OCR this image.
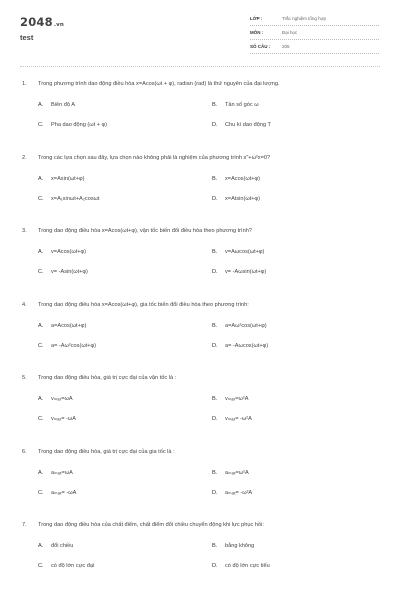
2048.vn
test
LỚP :	Trắc nghiệm tổng hợp
MÔN :	Đại học
SỐ CÂU :	205
1. Trong phương trình dao động điều hòa x=Acos(ωt + φ), radian (rad) là thứ nguyên của đại lượng.
A. Biên độ A	B. Tần số góc ω
C. Pha dao động (ωt + φ)	D. Chu kì dao động T
2. Trong các lựa chọn sau đây, lựa chọn nào không phải là nghiệm của phương trình x"+ω²x=0?
A. x=Asin(ωt+φ)	B. x=Acos(ωt+φ)
C. x=A₁sinωt+A₂cosωt	D. x=Atsin(ωt+φ)
3. Trong dao động điều hòa x=Acos(ωt+φ), vận tốc biến đổi điều hòa theo phương trình?
A. v=Acos(ωt+φ)	B. v=Aωcos(ωt+φ)
C. v= -Asin(ωt+φ)	D. v= -Aωsin(ωt+φ)
4. Trong dao động điều hòa x=Acos(ωt+φ), gia tốc biến đổi điều hòa theo phương trình:
A. a=Acos(ωt+φ)	B. a=Aω²cos(ωt+φ)
C. a= -Aω²cos(ωt+φ)	D. a= -Aωcos(ωt+φ)
5. Trong dao động điều hòa, giá trị cực đại của vận tốc là :
A. vₘₐₓ=ωA	B. vₘₐₓ=ω²A
C. vₘₐₓ= -ωA	D. vₘₐₓ= -ω²A
6. Trong dao động điều hòa, giá trị cực đại của gia tốc là :
A. aₘₐₓ=ωA	B. aₘₐₓ=ω²A
C. aₘₐₓ= -ωA	D. aₘₐₓ= -ω²A
7. Trong dao động điều hòa của chất điểm, chất điểm đổi chiều chuyển động khi lực phục hồi:
A. đổi chiều	B. bằng không
C. có độ lớn cực đại	D. có độ lớn cực tiểu
